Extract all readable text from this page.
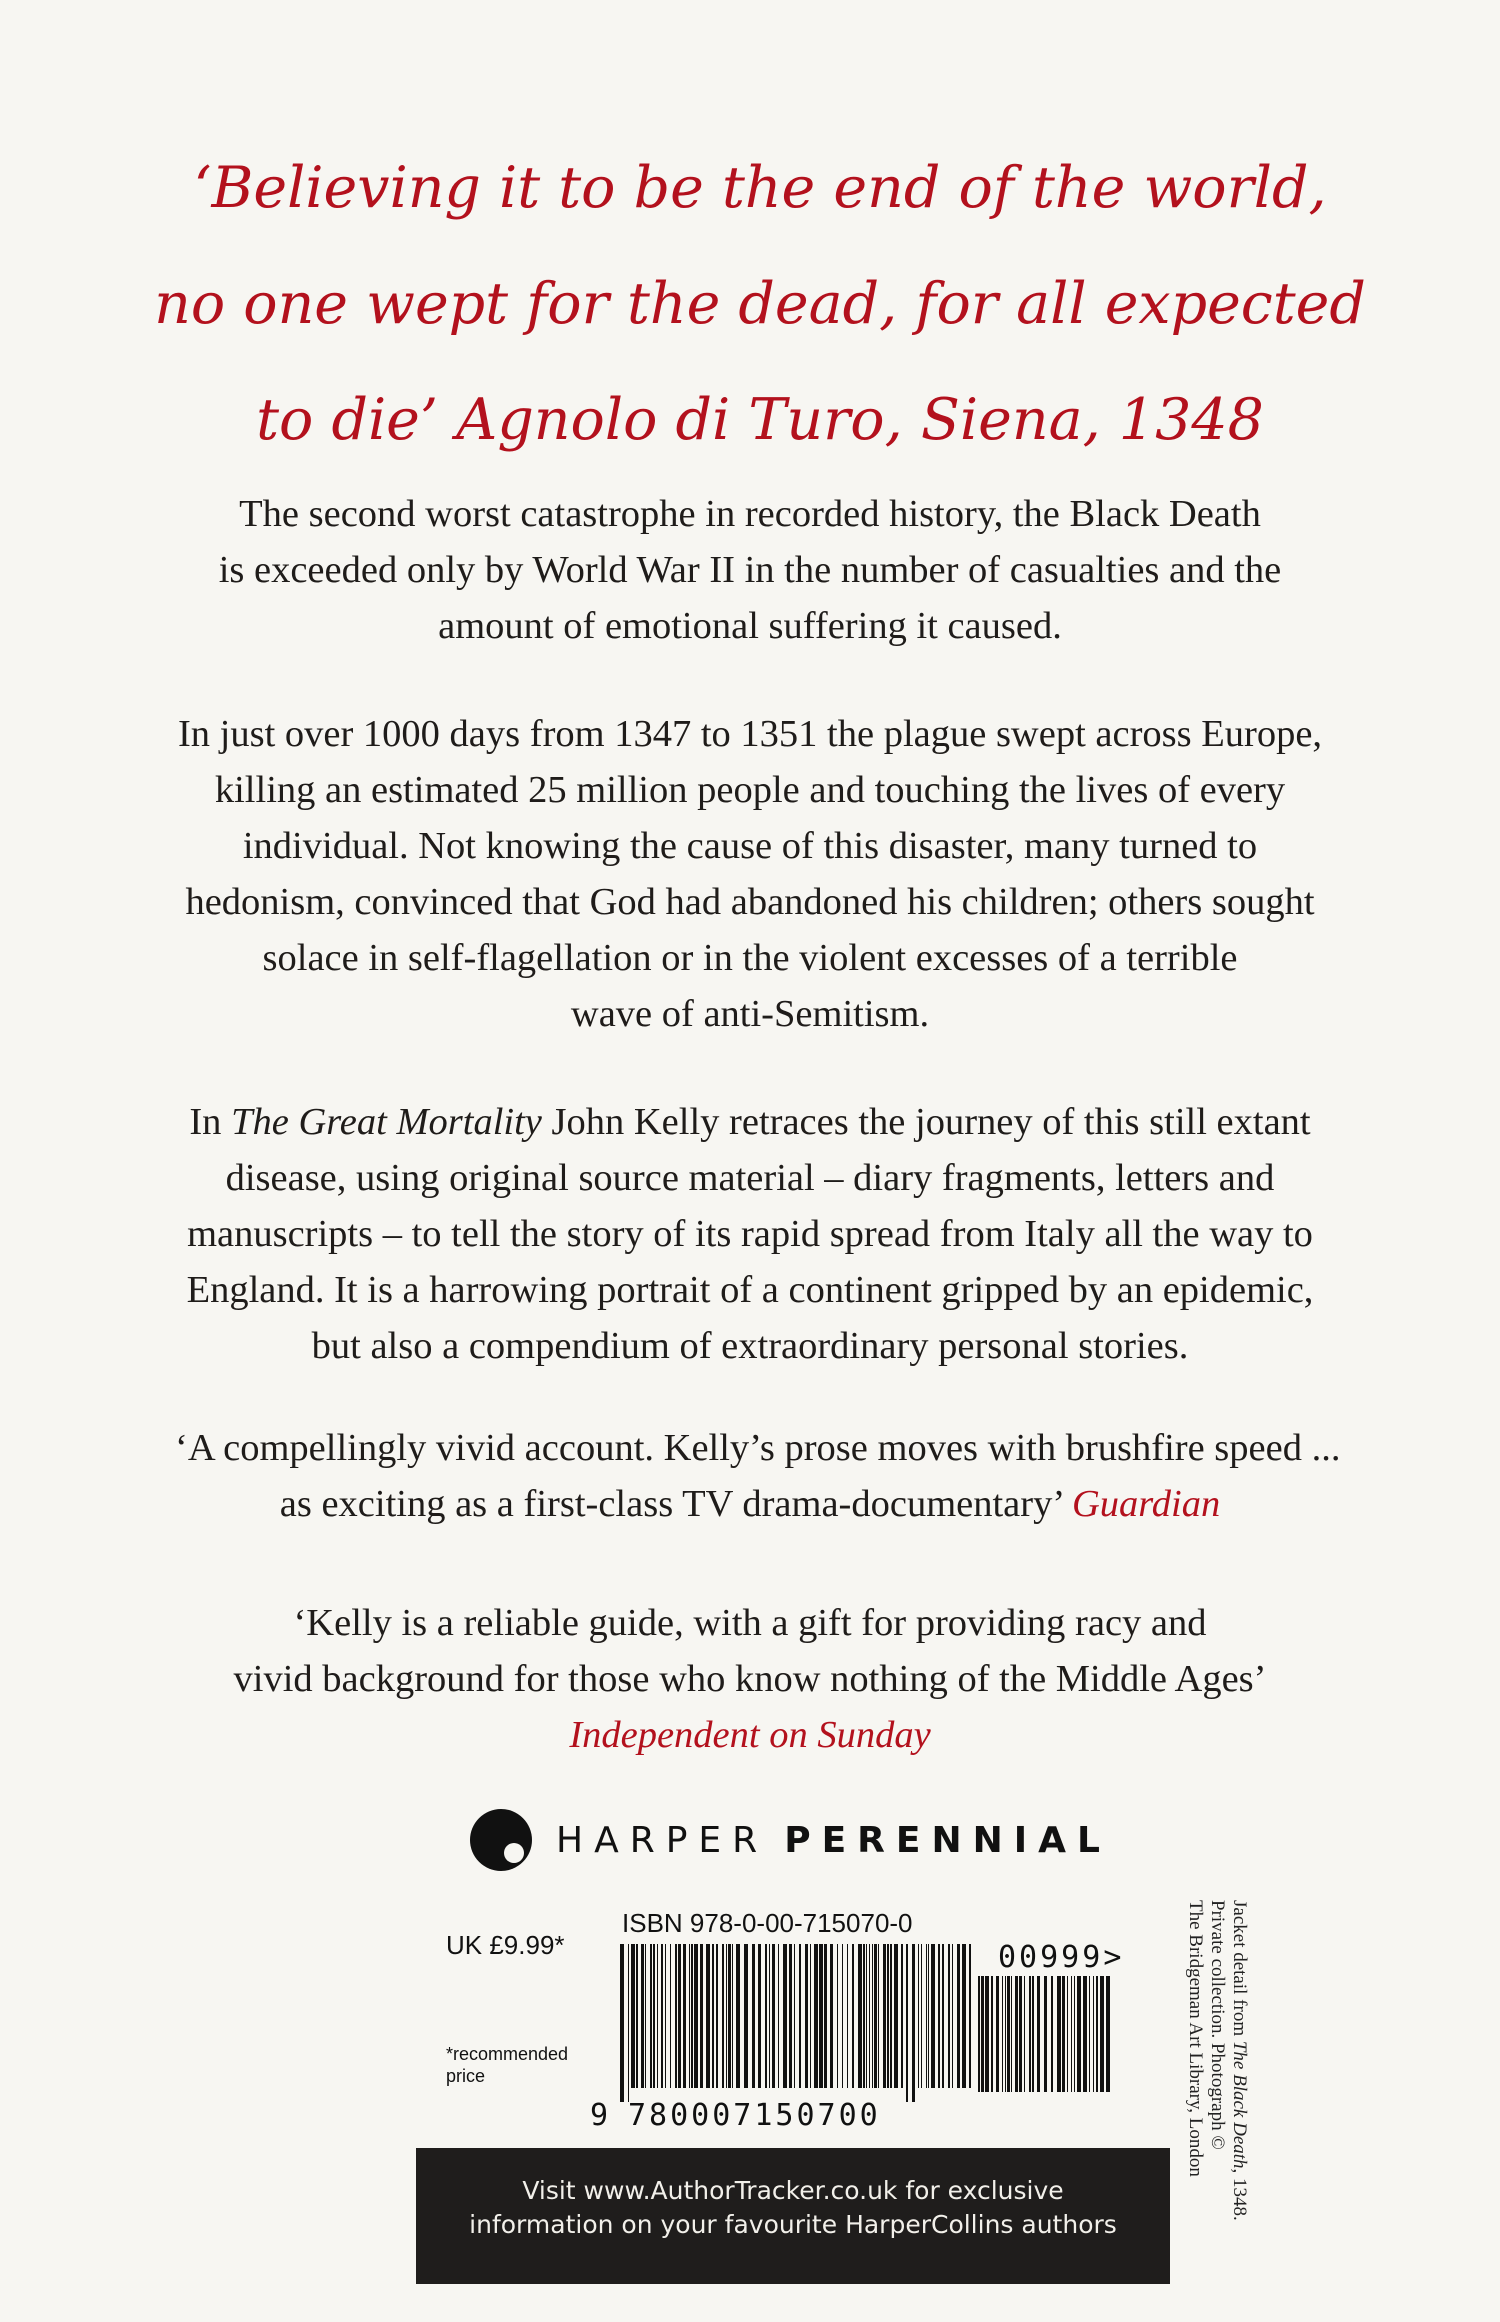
‘Believing it to be the end of the world,
no one wept for the dead, for all expected
to die’ Agnolo di Turo, Siena, 1348
The second worst catastrophe in recorded history, the Black Death
is exceeded only by World War II in the number of casualties and the
amount of emotional suffering it caused.
In just over 1000 days from 1347 to 1351 the plague swept across Europe,
killing an estimated 25 million people and touching the lives of every
individual. Not knowing the cause of this disaster, many turned to
hedonism, convinced that God had abandoned his children; others sought
solace in self-flagellation or in the violent excesses of a terrible
wave of anti-Semitism.
In The Great Mortality John Kelly retraces the journey of this still extant
disease, using original source material – diary fragments, letters and
manuscripts – to tell the story of its rapid spread from Italy all the way to
England. It is a harrowing portrait of a continent gripped by an epidemic,
but also a compendium of extraordinary personal stories.
‘A compellingly vivid account. Kelly’s prose moves with brushfire speed ...
as exciting as a first-class TV drama-documentary’ Guardian
‘Kelly is a reliable guide, with a gift for providing racy and
vivid background for those who know nothing of the Middle Ages’
Independent on Sunday
HARPER PERENNIAL
UK £9.99*
*recommended price
ISBN 978-0-00-715070-0
9 780007150700
00999>
Visit www.AuthorTracker.co.uk for exclusive
information on your favourite HarperCollins authors
Jacket detail from The Black Death, 1348.
Private collection. Photograph ©
The Bridgeman Art Library, London
